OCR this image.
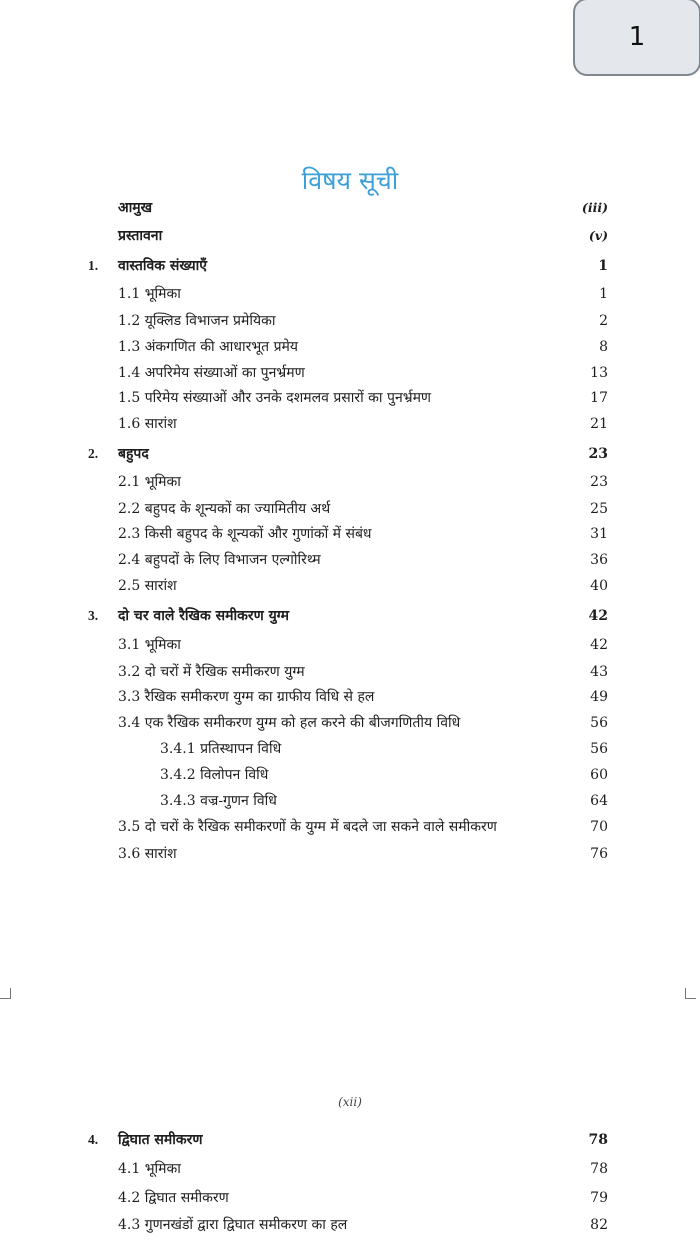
1
विषय सूची
आमुख	(iii)
प्रस्तावना	(v)
1. वास्तविक संख्याएँ	1
1.1 भूमिका	1
1.2 यूक्लिड विभाजन प्रमेयिका	2
1.3 अंकगणित की आधारभूत प्रमेय	8
1.4 अपरिमेय संख्याओं का पुनर्भ्रमण	13
1.5 परिमेय संख्याओं और उनके दशमलव प्रसारों का पुनर्भ्रमण	17
1.6 सारांश	21
2. बहुपद	23
2.1 भूमिका	23
2.2 बहुपद के शून्यकों का ज्यामितीय अर्थ	25
2.3 किसी बहुपद के शून्यकों और गुणांकों में संबंध	31
2.4 बहुपदों के लिए विभाजन एल्गोरिथ्म	36
2.5 सारांश	40
3. दो चर वाले रैखिक समीकरण युग्म	42
3.1 भूमिका	42
3.2 दो चरों में रैखिक समीकरण युग्म	43
3.3 रैखिक समीकरण युग्म का ग्राफीय विधि से हल	49
3.4 एक रैखिक समीकरण युग्म को हल करने की बीजगणितीय विधि	56
3.4.1 प्रतिस्थापन विधि	56
3.4.2 विलोपन विधि	60
3.4.3 वज्र-गुणन विधि	64
3.5 दो चरों के रैखिक समीकरणों के युग्म में बदले जा सकने वाले समीकरण	70
3.6 सारांश	76
4. द्विघात समीकरण	78
4.1 भूमिका	78
4.2 द्विघात समीकरण	79
4.3 गुणनखंडों द्वारा द्विघात समीकरण का हल	82
(xii)
